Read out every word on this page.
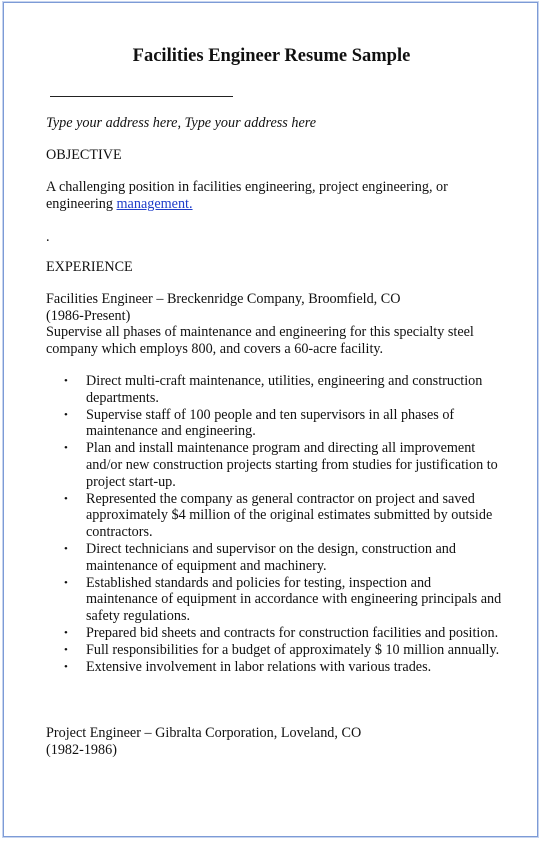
Facilities Engineer Resume Sample
Type your address here, Type your address here
OBJECTIVE
A challenging position in facilities engineering, project engineering, or engineering management.
.
EXPERIENCE
Facilities Engineer – Breckenridge Company, Broomfield, CO
(1986-Present)
Supervise all phases of maintenance and engineering for this specialty steel company which employs 800, and covers a 60-acre facility.
• Direct multi-craft maintenance, utilities, engineering and construction departments.
• Supervise staff of 100 people and ten supervisors in all phases of maintenance and engineering.
• Plan and install maintenance program and directing all improvement and/or new construction projects starting from studies for justification to project start-up.
• Represented the company as general contractor on project and saved approximately $4 million of the original estimates submitted by outside contractors.
• Direct technicians and supervisor on the design, construction and maintenance of equipment and machinery.
• Established standards and policies for testing, inspection and maintenance of equipment in accordance with engineering principals and safety regulations.
• Prepared bid sheets and contracts for construction facilities and position.
• Full responsibilities for a budget of approximately $ 10 million annually.
• Extensive involvement in labor relations with various trades.
Project Engineer – Gibralta Corporation, Loveland, CO
(1982-1986)
